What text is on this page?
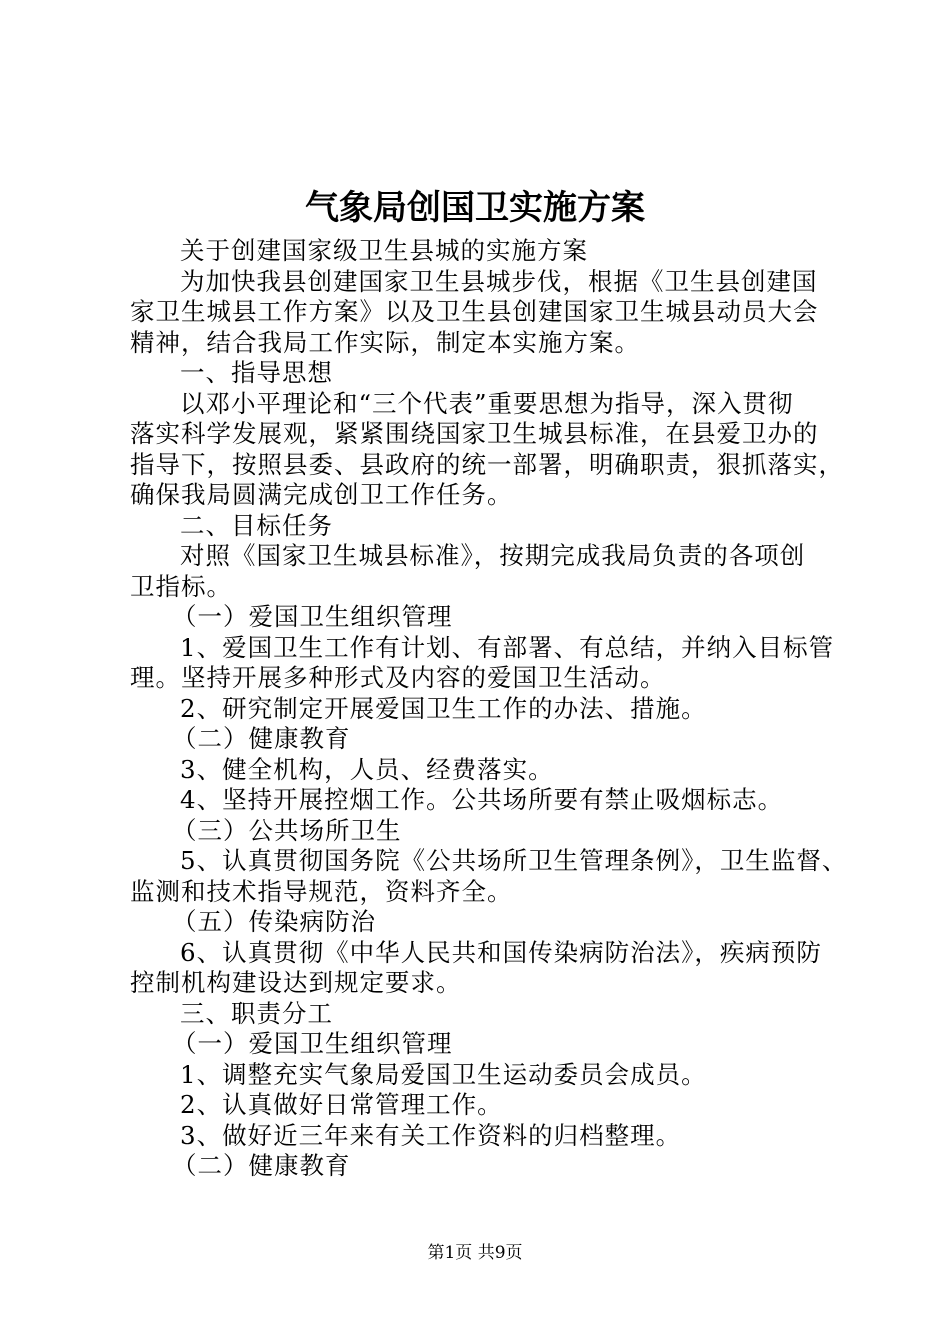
气象局创国卫实施方案
关于创建国家级卫生县城的实施方案
为加快我县创建国家卫生县城步伐，根据《卫生县创建国
家卫生城县工作方案》以及卫生县创建国家卫生城县动员大会
精神，结合我局工作实际，制定本实施方案。
一、指导思想
以邓小平理论和“三个代表”重要思想为指导，深入贯彻
落实科学发展观，紧紧围绕国家卫生城县标准，在县爱卫办的
指导下，按照县委、县政府的统一部署，明确职责，狠抓落实，
确保我局圆满完成创卫工作任务。
二、目标任务
对照《国家卫生城县标准》，按期完成我局负责的各项创
卫指标。
（一）爱国卫生组织管理
1、爱国卫生工作有计划、有部署、有总结，并纳入目标管
理。坚持开展多种形式及内容的爱国卫生活动。
2、研究制定开展爱国卫生工作的办法、措施。
（二）健康教育
3、健全机构，人员、经费落实。
4、坚持开展控烟工作。公共场所要有禁止吸烟标志。
（三）公共场所卫生
5、认真贯彻国务院《公共场所卫生管理条例》，卫生监督、
监测和技术指导规范，资料齐全。
（五）传染病防治
6、认真贯彻《中华人民共和国传染病防治法》，疾病预防
控制机构建设达到规定要求。
三、职责分工
（一）爱国卫生组织管理
1、调整充实气象局爱国卫生运动委员会成员。
2、认真做好日常管理工作。
3、做好近三年来有关工作资料的归档整理。
（二）健康教育
第1页 共9页
